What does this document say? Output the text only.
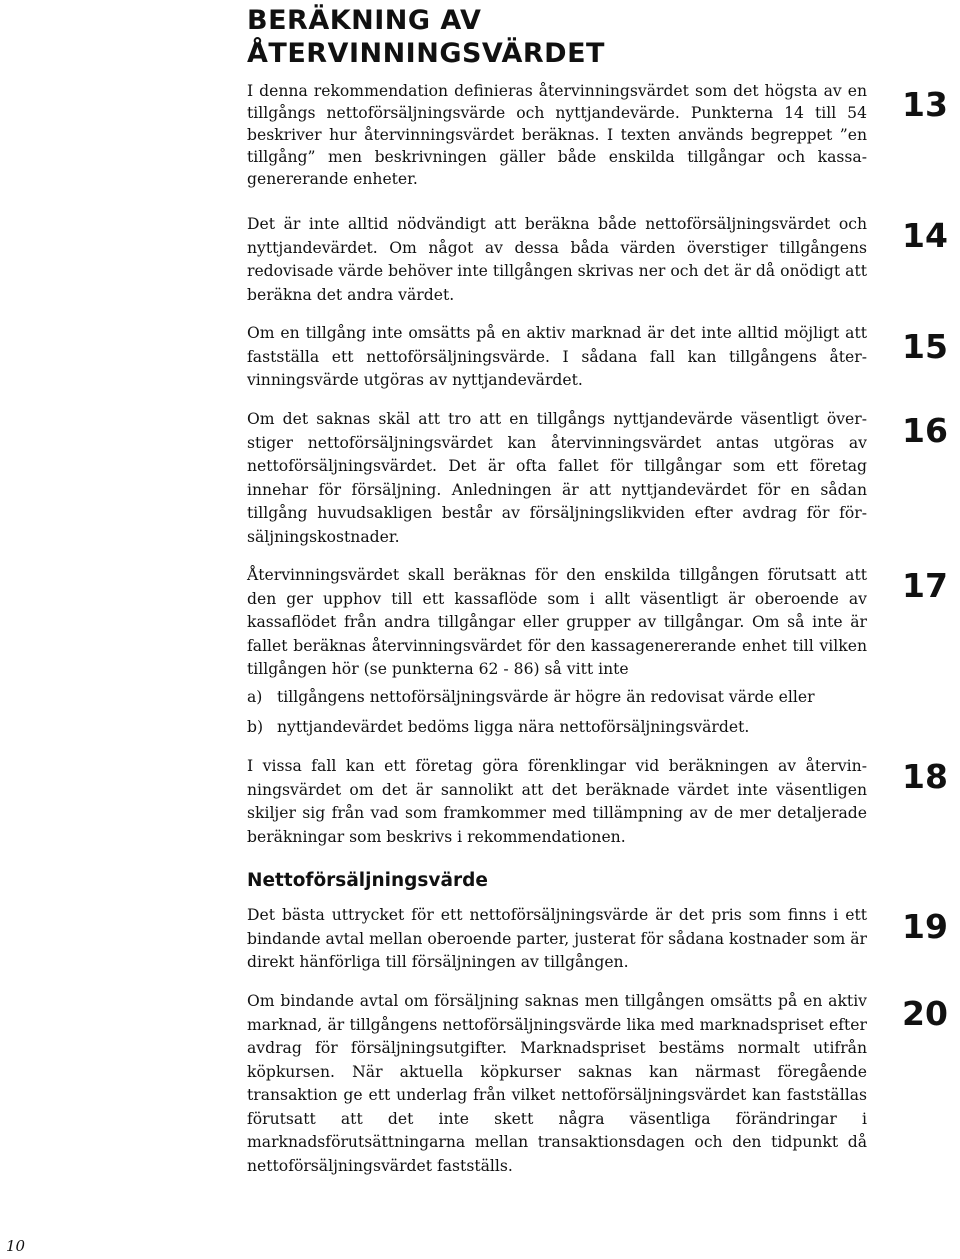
BERÄKNING AV
ÅTERVINNINGSVÄRDET

I denna rekommendation definieras återvinningsvärdet som det högsta av en tillgångs nettoförsäljningsvärde och nyttjandevärde. Punkterna 14 till 54 beskriver hur återvinningsvärdet beräknas. I texten används begreppet ”en tillgång” men beskrivningen gäller både enskilda tillgångar och kassagenererande enheter.

Det är inte alltid nödvändigt att beräkna både nettoförsäljningsvärdet och nyttjandevärdet. Om något av dessa båda värden överstiger tillgångens redovisade värde behöver inte tillgången skrivas ner och det är då onödigt att beräkna det andra värdet.

Om en tillgång inte omsätts på en aktiv marknad är det inte alltid möjligt att fastställa ett nettoförsäljningsvärde. I sådana fall kan tillgångens återvinningsvärde utgöras av nyttjandevärdet.

Om det saknas skäl att tro att en tillgångs nyttjandevärde väsentligt överstiger nettoförsäljningsvärdet kan återvinningsvärdet antas utgöras av nettoförsäljningsvärdet. Det är ofta fallet för tillgångar som ett företag innehar för försäljning. Anledningen är att nyttjandevärdet för en sådan tillgång huvudsakligen består av försäljningslikviden efter avdrag för försäljningskostnader.

Återvinningsvärdet skall beräknas för den enskilda tillgången förutsatt att den ger upphov till ett kassaflöde som i allt väsentligt är oberoende av kassaflödet från andra tillgångar eller grupper av tillgångar. Om så inte är fallet beräknas återvinningsvärdet för den kassagenererande enhet till vilken tillgången hör (se punkterna 62 - 86) så vitt inte

a) tillgångens nettoförsäljningsvärde är högre än redovisat värde eller
b) nyttjandevärdet bedöms ligga nära nettoförsäljningsvärdet.

I vissa fall kan ett företag göra förenklingar vid beräkningen av återvinningsvärdet om det är sannolikt att det beräknade värdet inte väsentligen skiljer sig från vad som framkommer med tillämpning av de mer detaljerade beräkningar som beskrivs i rekommendationen.

Nettoförsäljningsvärde

Det bästa uttrycket för ett nettoförsäljningsvärde är det pris som finns i ett bindande avtal mellan oberoende parter, justerat för sådana kostnader som är direkt hänförliga till försäljningen av tillgången.

Om bindande avtal om försäljning saknas men tillgången omsätts på en aktiv marknad, är tillgångens nettoförsäljningsvärde lika med marknadspriset efter avdrag för försäljningsutgifter. Marknadspriset bestäms normalt utifrån köpkursen. När aktuella köpkurser saknas kan närmast föregående transaktion ge ett underlag från vilket nettoförsäljningsvärdet kan fastställas förutsatt att det inte skett några väsentliga förändringar i marknadsförutsättningarna mellan transaktionsdagen och den tidpunkt då nettoförsäljningsvärdet fastställs.

13
14
15
16
17
18
19
20
10
